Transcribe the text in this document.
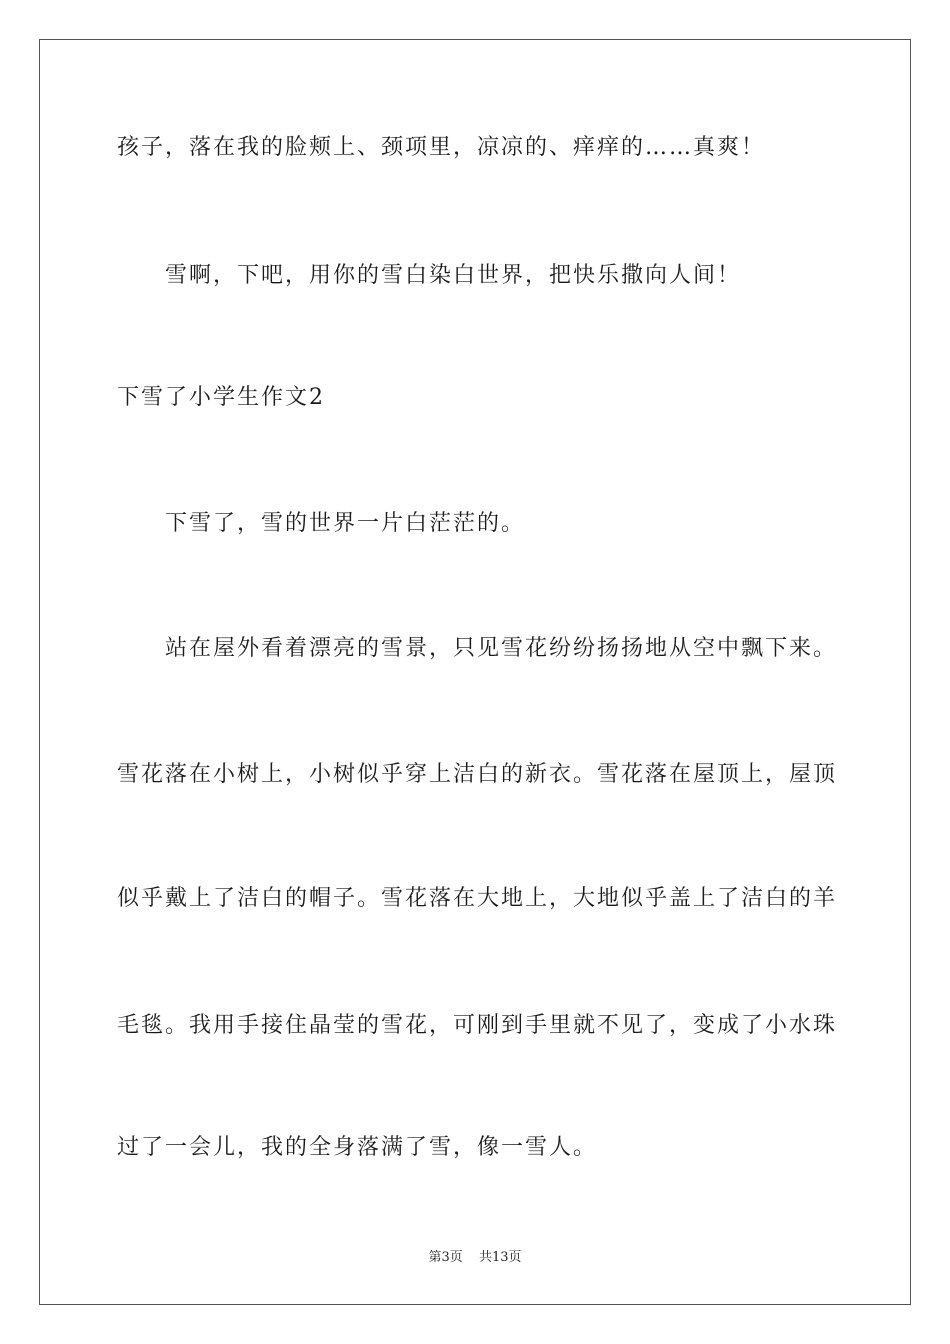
孩子，落在我的脸颊上、颈项里，凉凉的、痒痒的……真爽！
雪啊，下吧，用你的雪白染白世界，把快乐撒向人间！
下雪了小学生作文2
下雪了，雪的世界一片白茫茫的。
站在屋外看着漂亮的雪景，只见雪花纷纷扬扬地从空中飘下来。
雪花落在小树上，小树似乎穿上洁白的新衣。雪花落在屋顶上，屋顶
似乎戴上了洁白的帽子。雪花落在大地上，大地似乎盖上了洁白的羊
毛毯。我用手接住晶莹的雪花，可刚到手里就不见了，变成了小水珠
过了一会儿，我的全身落满了雪，像一雪人。
第3页 共13页
